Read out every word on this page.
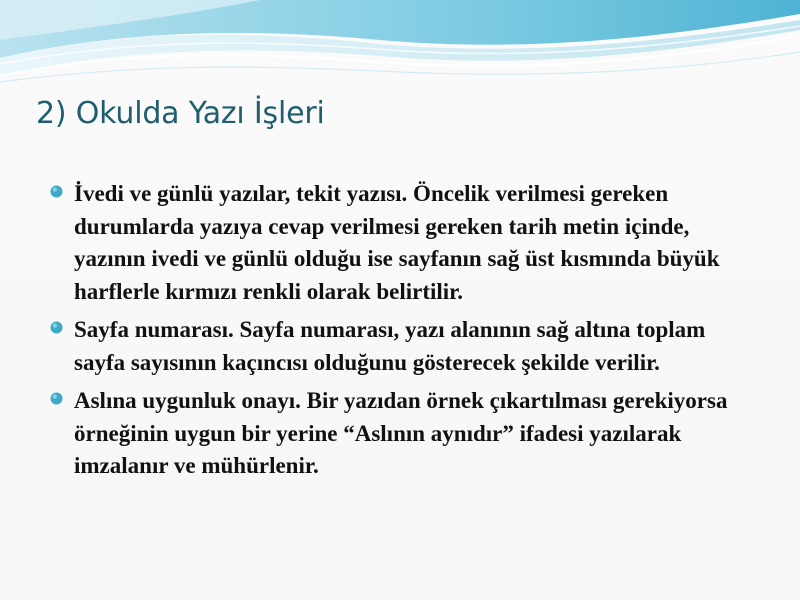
2) Okulda Yazı İşleri
İvedi ve günlü yazılar, tekit yazısı. Öncelik verilmesi gereken durumlarda yazıya cevap verilmesi gereken tarih metin içinde, yazının ivedi ve günlü olduğu ise sayfanın sağ üst kısmında büyük harflerle kırmızı renkli olarak belirtilir.
Sayfa numarası. Sayfa numarası, yazı alanının sağ altına toplam sayfa sayısının kaçıncısı olduğunu gösterecek şekilde verilir.
Aslına uygunluk onayı. Bir yazıdan örnek çıkartılması gerekiyorsa örneğinin uygun bir yerine “Aslının aynıdır” ifadesi yazılarak imzalanır ve mühürlenir.
